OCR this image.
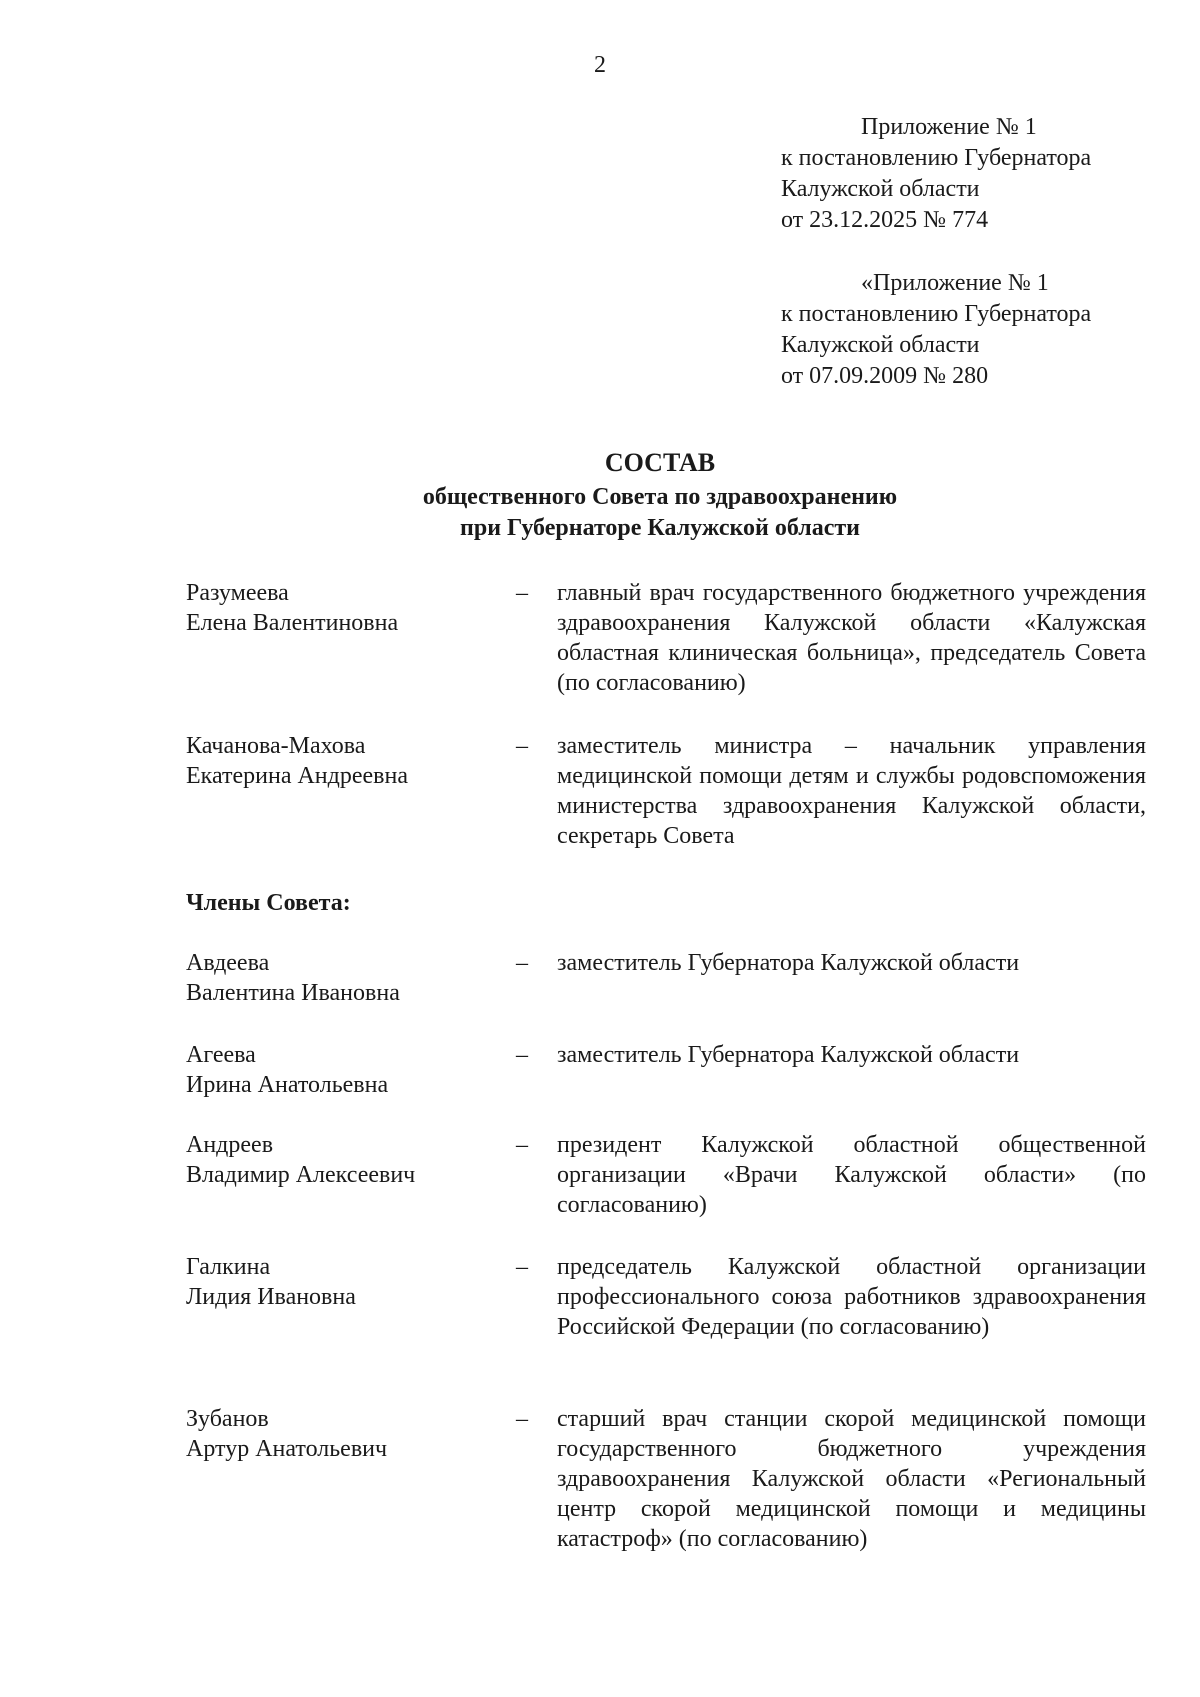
2
Приложение № 1
к постановлению Губернатора
Калужской области
от 23.12.2025 № 774
«Приложение № 1
к постановлению Губернатора
Калужской области
от 07.09.2009 № 280
СОСТАВ
общественного Совета по здравоохранению
при Губернаторе Калужской области
Разумеева
Елена Валентиновна
– главный врач государственного бюджетного учреждения здравоохранения Калужской области «Калужская областная клиническая больница», председатель Совета (по согласованию)
Качанова-Махова
Екатерина Андреевна
– заместитель министра – начальник управления медицинской помощи детям и службы родовспоможения министерства здравоохранения Калужской области, секретарь Совета
Члены Совета:
Авдеева
Валентина Ивановна
– заместитель Губернатора Калужской области
Агеева
Ирина Анатольевна
– заместитель Губернатора Калужской области
Андреев
Владимир Алексеевич
– президент Калужской областной общественной организации «Врачи Калужской области» (по согласованию)
Галкина
Лидия Ивановна
– председатель Калужской областной организации профессионального союза работников здравоохранения Российской Федерации (по согласованию)
Зубанов
Артур Анатольевич
– старший врач станции скорой медицинской помощи государственного бюджетного учреждения здравоохранения Калужской области «Региональный центр скорой медицинской помощи и медицины катастроф» (по согласованию)
